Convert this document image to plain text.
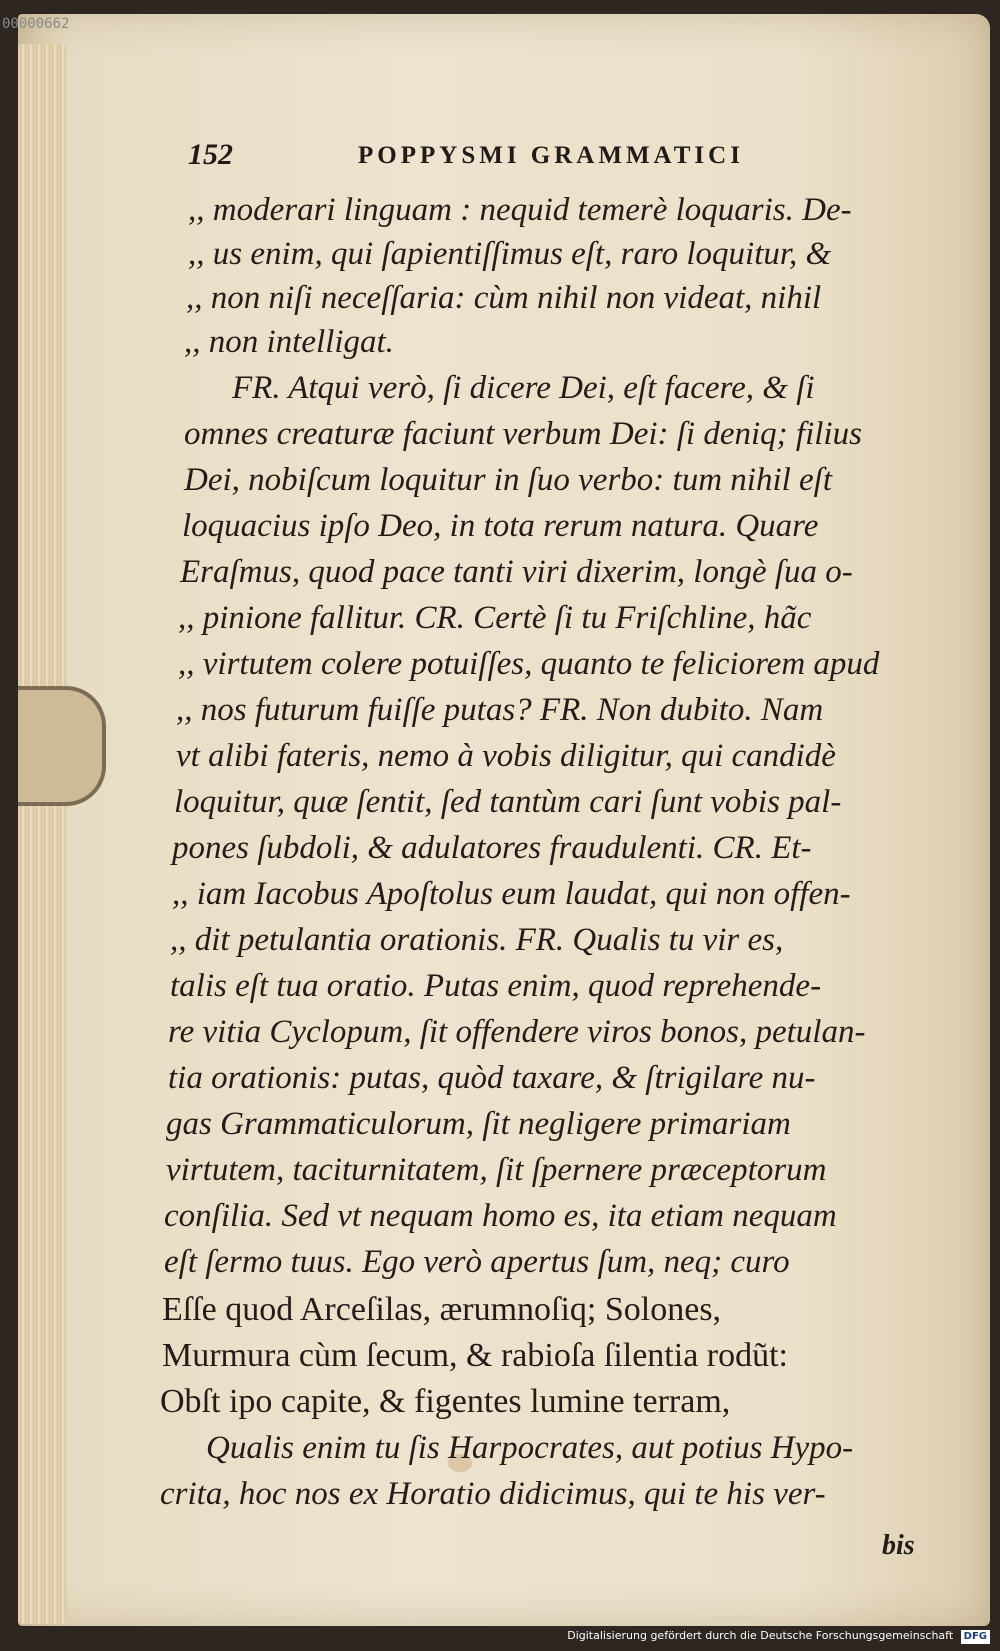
00000662
152	POPPYSMI GRAMMATICI
,, moderari linguam : nequid temerè loquaris. De-
,, us enim, qui ſapientiſſimus eſt, raro loquitur, &
,, non niſi neceſſaria: cùm nihil non videat, nihil
,, non intelligat.
FR. Atqui verò, ſi dicere Dei, eſt facere, & ſi
omnes creaturæ faciunt verbum Dei: ſi deniq; filius
Dei, nobiſcum loquitur in ſuo verbo: tum nihil eſt
loquacius ipſo Deo, in tota rerum natura. Quare
Eraſmus, quod pace tanti viri dixerim, longè ſua o-
,, pinione fallitur. CR. Certè ſi tu Friſchline, hãc
,, virtutem colere potuiſſes, quanto te feliciorem apud
,, nos futurum fuiſſe putas? FR. Non dubito. Nam
vt alibi fateris, nemo à vobis diligitur, qui candidè
loquitur, quæ ſentit, ſed tantùm cari ſunt vobis pal-
pones ſubdoli, & adulatores fraudulenti. CR. Et-
,, iam Iacobus Apoſtolus eum laudat, qui non offen-
,, dit petulantia orationis. FR. Qualis tu vir es,
talis eſt tua oratio. Putas enim, quod reprehende-
re vitia Cyclopum, ſit offendere viros bonos, petulan-
tia orationis: putas, quòd taxare, & ſtrigilare nu-
gas Grammaticulorum, ſit negligere primariam
virtutem, taciturnitatem, ſit ſpernere præceptorum
conſilia. Sed vt nequam homo es, ita etiam nequam
eſt ſermo tuus. Ego verò apertus ſum, neq; curo
Eſſe quod Arceſilas, ærumnoſiq; Solones,
Murmura cùm ſecum, & rabioſa ſilentia rodũt:
Obſt ipo capite, & figentes lumine terram,
Qualis enim tu ſis Harpocrates, aut potius Hypo-
crita, hoc nos ex Horatio didicimus, qui te his ver-
bis
Digitalisierung gefördert durch die Deutsche Forschungsgemeinschaft DFG
